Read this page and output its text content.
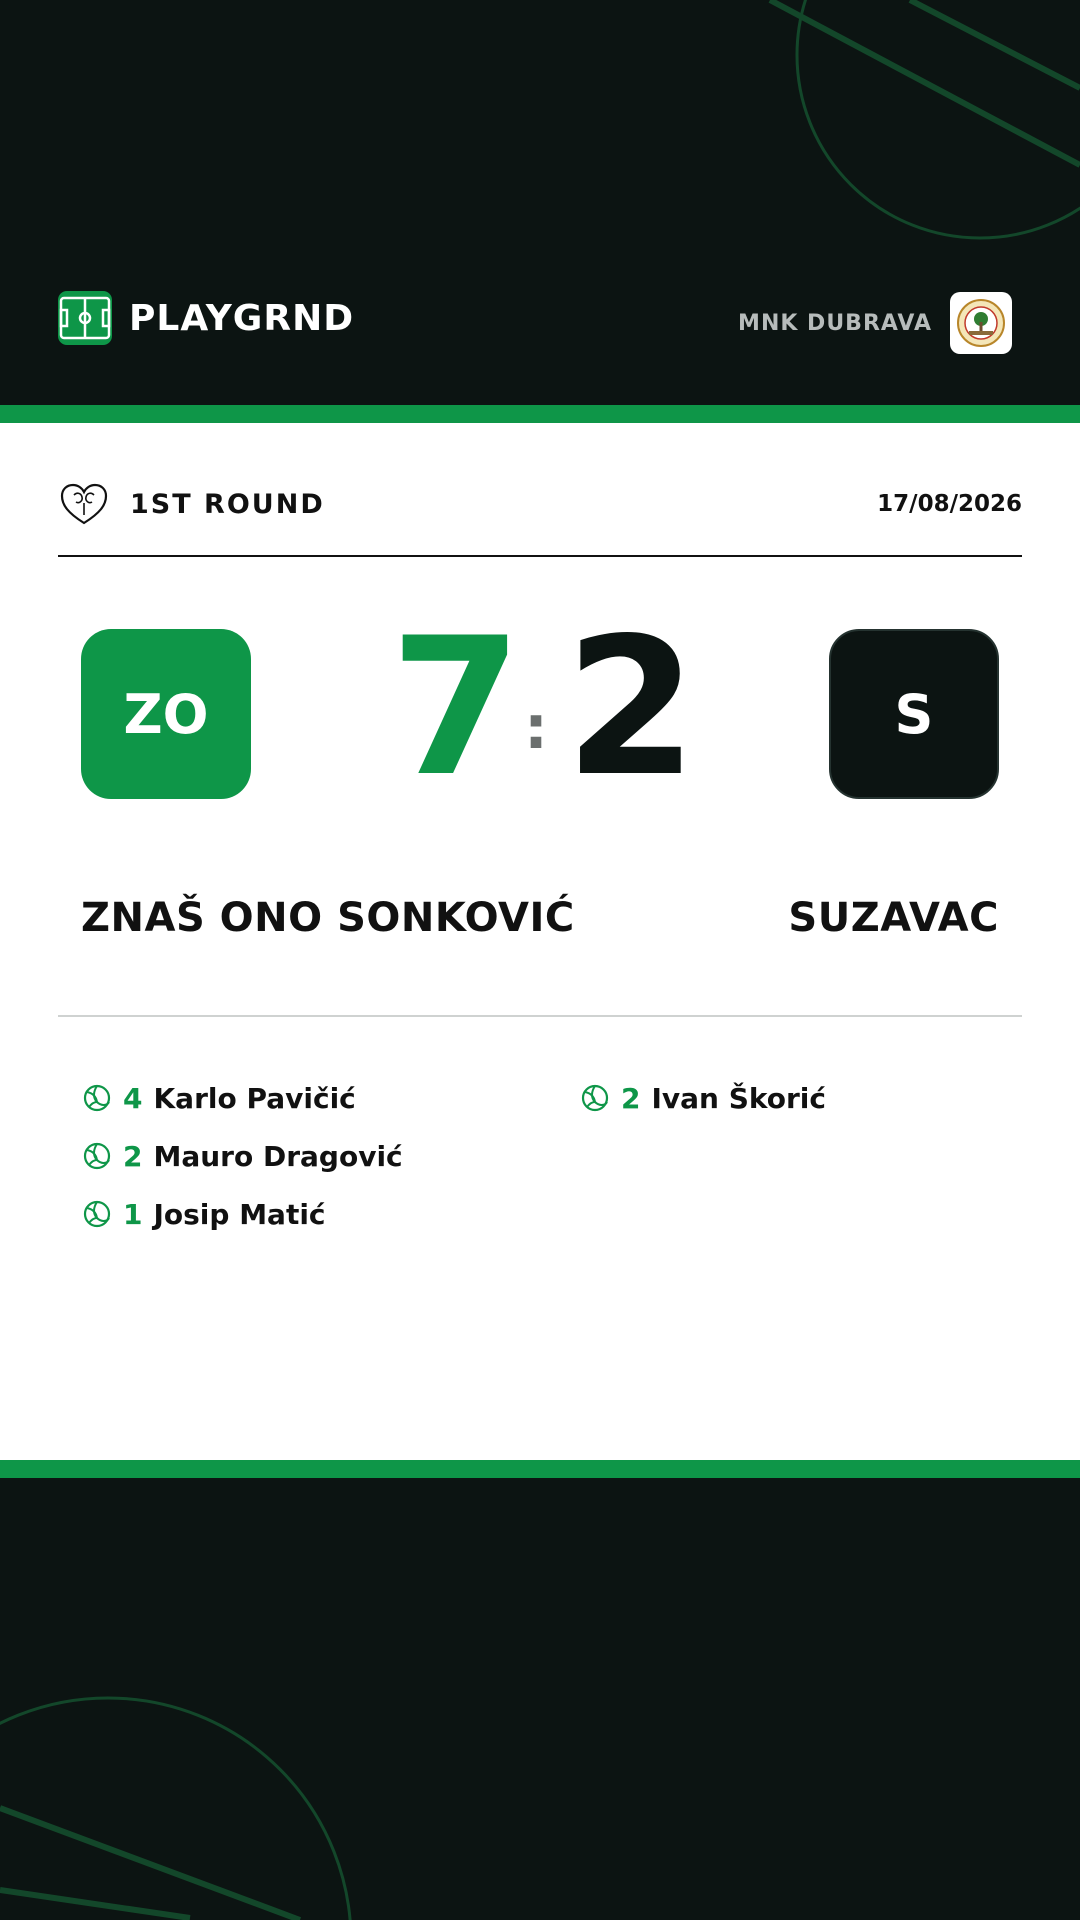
PLAYGRND	MNK DUBRAVA
1ST ROUND	17/08/2026
ZO 7 : 2	S
ZNAŠ ONO SONKOVIĆ	SUZAVAC
4 Karlo Pavičić
2 Mauro Dragović
1 Josip Matić
2 Ivan Škorić
